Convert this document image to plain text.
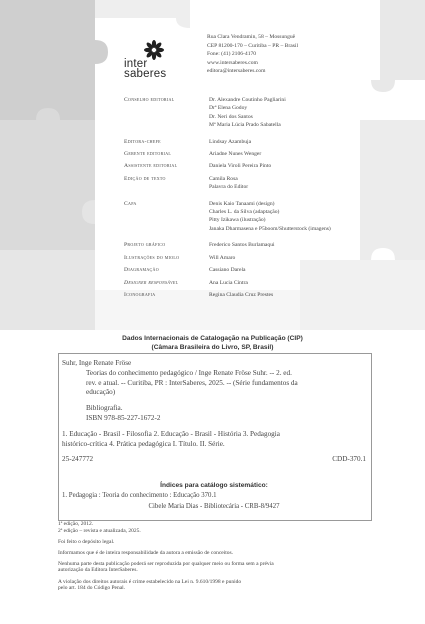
inter
saberes
Rua Clara Vendramin, 58 – Mossunguê
CEP 81200-170 – Curitiba – PR – Brasil
Fone: (41) 2106-4170
www.intersaberes.com
editora@intersaberes.com
Conselho editorial	Dr. Alexandre Coutinho Pagliarini
Drª Elena Godoy
Dr. Neri dos Santos
Mª Maria Lúcia Prado Sabatella
Editora-chefe	Lindsay Azambuja
Gerente editorial	Ariadne Nunes Wenger
Assistente editorial	Daniela Viroli Pereira Pinto
Edição de texto	Camila Rosa
Palavra do Editor
Capa	Denis Kaio Tanaami (design)
Charles L. da Silva (adaptação)
Pitty Izikawa (ilustração)
Janaka Dharmasena e P5boom/Shutterstock (imagens)
Projeto gráfico	Frederico Santos Burlamaqui
Ilustrações do miolo	Will Amaro
Diagramação	Cassiano Darela
Designer responsável	Ana Lucia Cintra
Iconografia	Regina Claudia Cruz Prestes
Dados Internacionais de Catalogação na Publicação (CIP)
(Câmara Brasileira do Livro, SP, Brasil)

Suhr, Inge Renate Fröse

Teorias do conhecimento pedagógico / Inge Renate Fröse Suhr. -- 2. ed.

rev. e atual. -- Curitiba, PR : InterSaberes, 2025. -- (Série fundamentos da

educação)

Bibliografia.

ISBN 978-85-227-1672-2

1. Educação - Brasil - Filosofia 2. Educação - Brasil - História 3. Pedagogia

histórico-crítica 4. Prática pedagógica I. Título. II. Série.

25-247772	CDD-370.1
Índices para catálogo sistemático:
1. Pedagogia : Teoria do conhecimento : Educação 370.1
Cibele Maria Dias - Bibliotecária - CRB-8/9427

1ª edição, 2012.

2ª edição – revista e atualizada, 2025.

Foi feito o depósito legal.

Informamos que é de inteira responsabilidade da autora a emissão de conceitos.

Nenhuma parte desta publicação poderá ser reproduzida por qualquer meio ou forma sem a prévia

autorização da Editora InterSaberes.

A violação dos direitos autorais é crime estabelecido na Lei n. 9.610/1998 e punido

pelo art. 184 do Código Penal.
